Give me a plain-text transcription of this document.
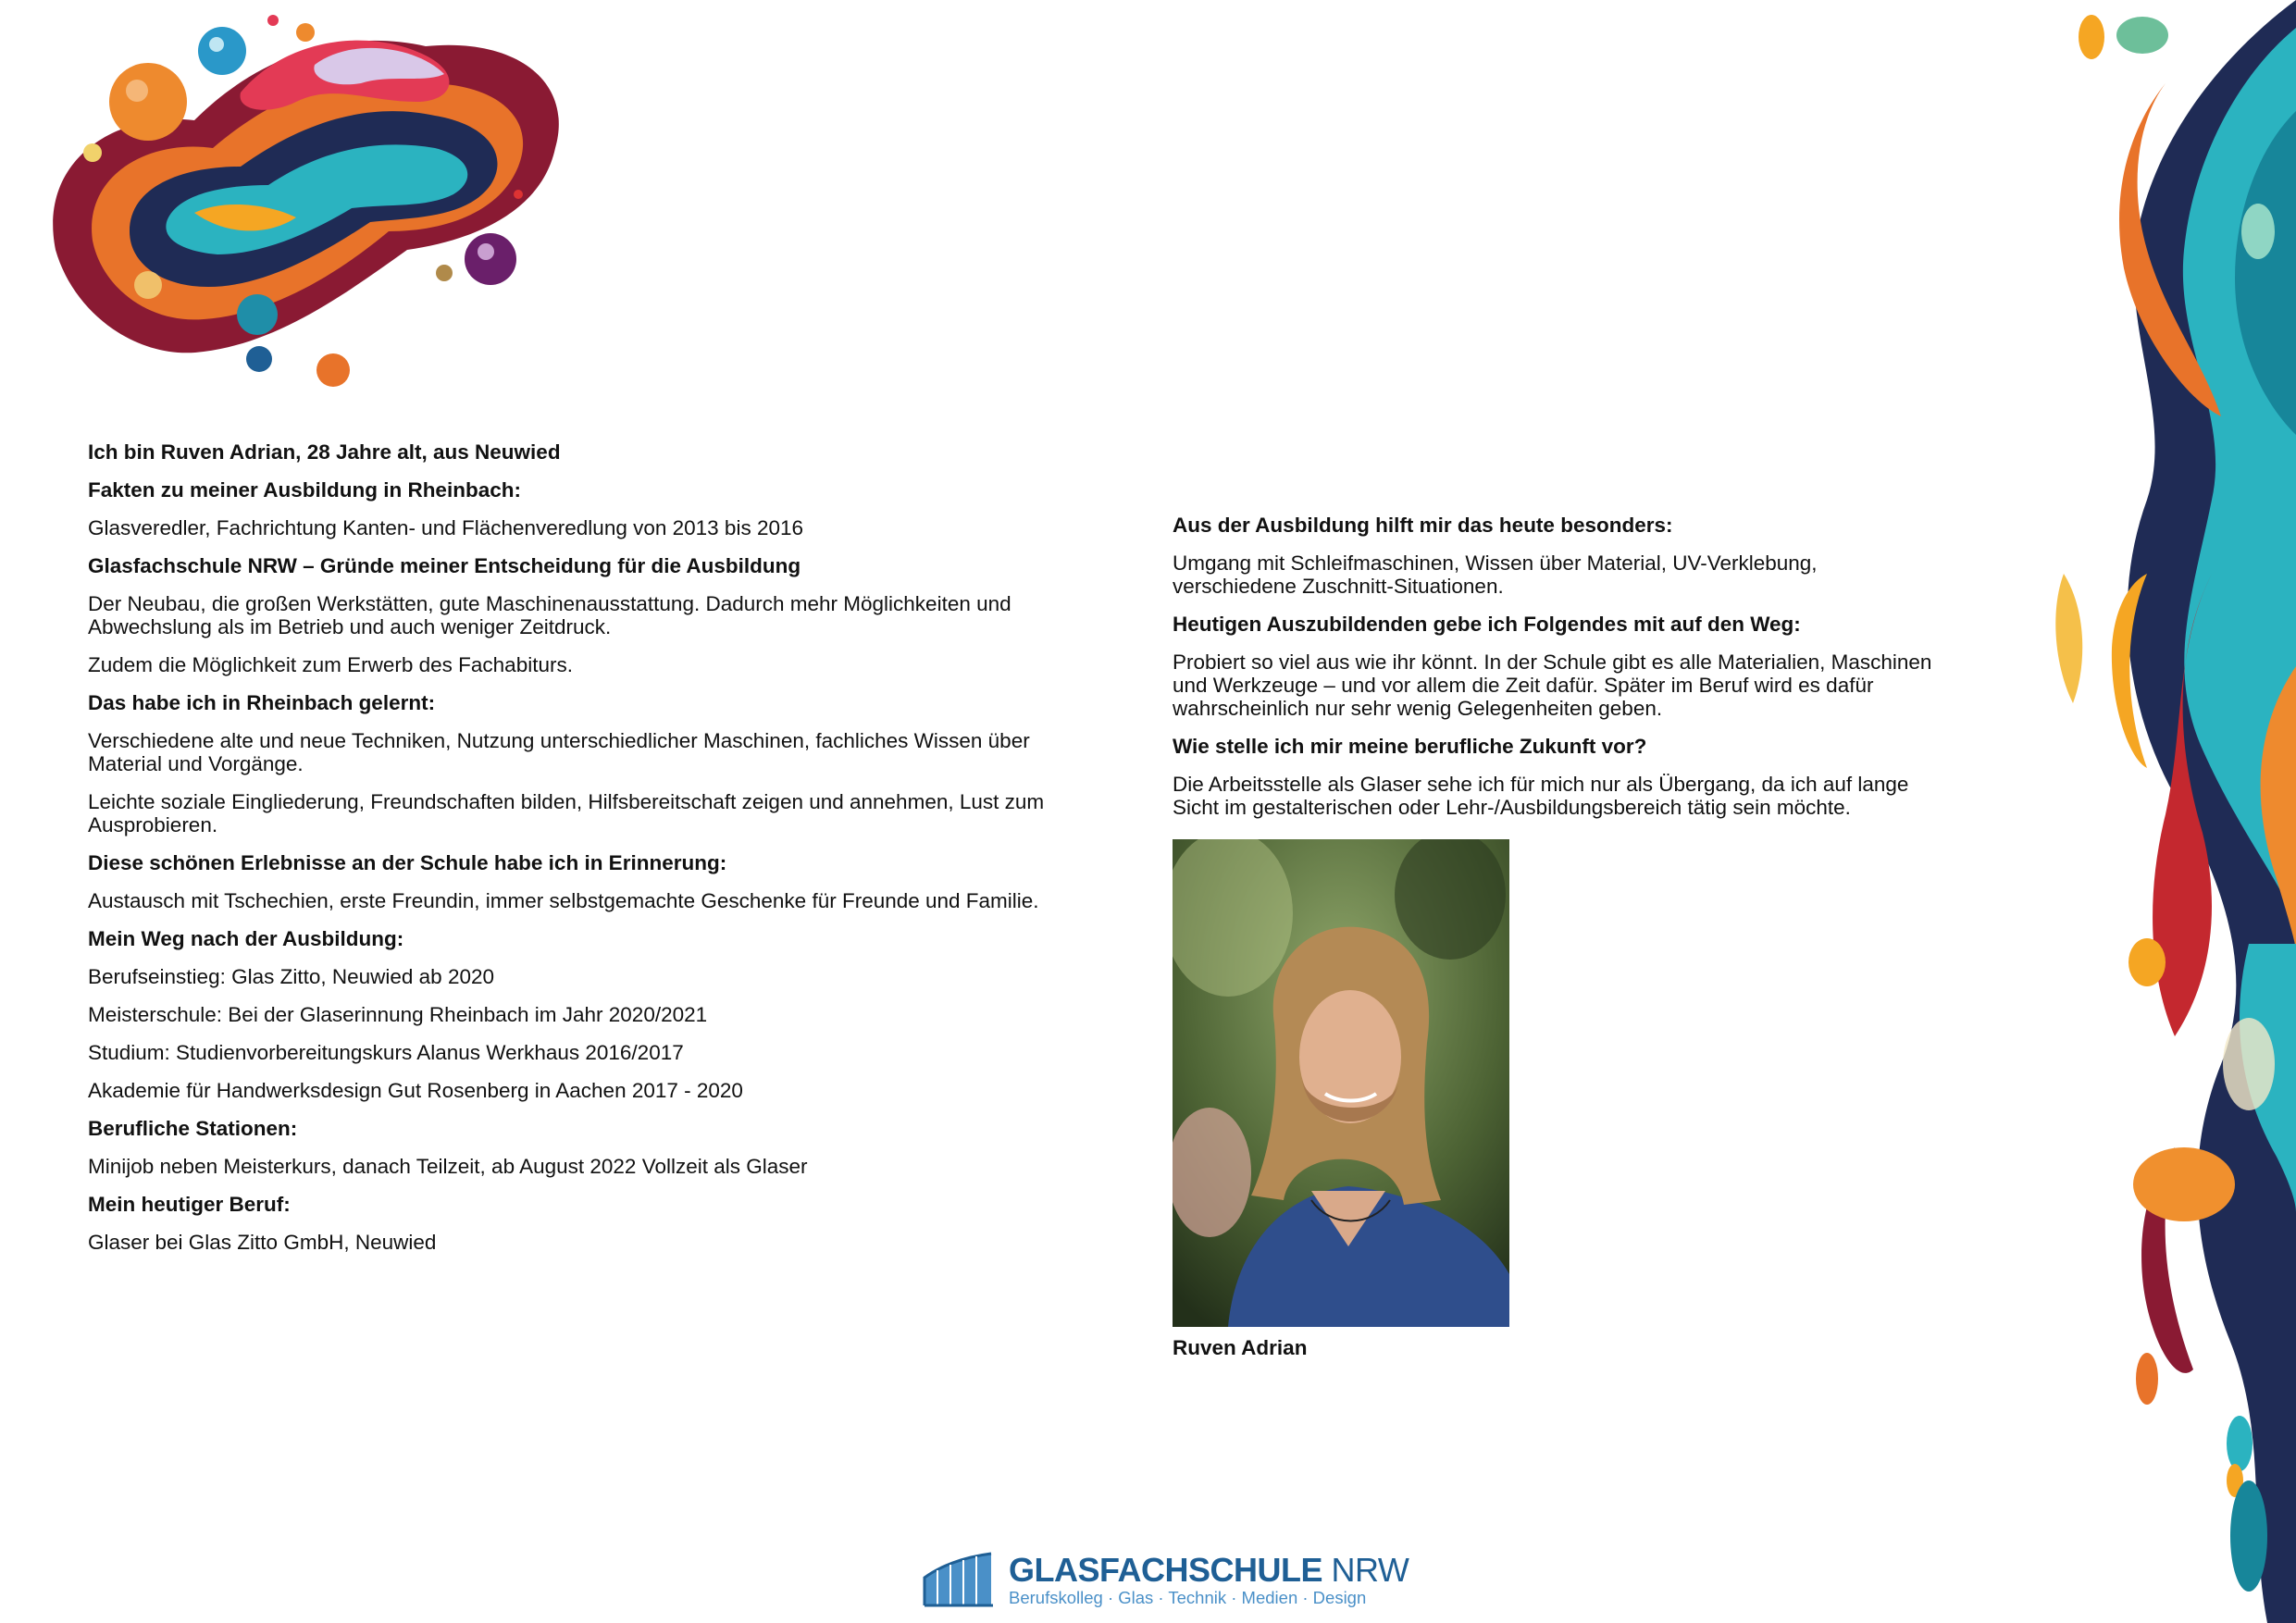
Ich bin Ruven Adrian, 28 Jahre alt, aus Neuwied
Fakten zu meiner Ausbildung in Rheinbach:
Glasveredler, Fachrichtung Kanten- und Flächenveredlung von 2013 bis 2016
Glasfachschule NRW – Gründe meiner Entscheidung für die Ausbildung
Der Neubau, die großen Werkstätten, gute Maschinenausstattung. Dadurch mehr Möglichkeiten und Abwechslung als im Betrieb und auch weniger Zeitdruck.
Zudem die Möglichkeit zum Erwerb des Fachabiturs.
Das habe ich in Rheinbach gelernt:
Verschiedene alte und neue Techniken, Nutzung unterschiedlicher Maschinen, fachliches Wissen über Material und Vorgänge.
Leichte soziale Eingliederung, Freundschaften bilden, Hilfsbereitschaft zeigen und annehmen, Lust zum Ausprobieren.
Diese schönen Erlebnisse an der Schule habe ich in Erinnerung:
Austausch mit Tschechien, erste Freundin, immer selbstgemachte Geschenke für Freunde und Familie.
Mein Weg nach der Ausbildung:
Berufseinstieg: Glas Zitto, Neuwied ab 2020
Meisterschule: Bei der Glaserinnung Rheinbach im Jahr 2020/2021
Studium: Studienvorbereitungskurs Alanus Werkhaus 2016/2017
Akademie für Handwerksdesign Gut Rosenberg in Aachen 2017 - 2020
Berufliche Stationen:
Minijob neben Meisterkurs, danach Teilzeit, ab August 2022 Vollzeit als Glaser
Mein heutiger Beruf:
Glaser bei Glas Zitto GmbH, Neuwied
Aus der Ausbildung hilft mir das heute besonders:
Umgang mit Schleifmaschinen, Wissen über Material, UV-Verklebung, verschiedene Zuschnitt-Situationen.
Heutigen Auszubildenden gebe ich Folgendes mit auf den Weg:
Probiert so viel aus wie ihr könnt. In der Schule gibt es alle Materialien, Maschinen und Werkzeuge – und vor allem die Zeit dafür. Später im Beruf wird es dafür wahrscheinlich nur sehr wenig Gelegenheiten geben.
Wie stelle ich mir meine berufliche Zukunft vor?
Die Arbeitsstelle als Glaser sehe ich für mich nur als Übergang, da ich auf lange Sicht im gestalterischen oder Lehr-/Ausbildungsbereich tätig sein möchte.
Ruven Adrian
GLASFACHSCHULE NRW
Berufskolleg · Glas · Technik · Medien · Design
